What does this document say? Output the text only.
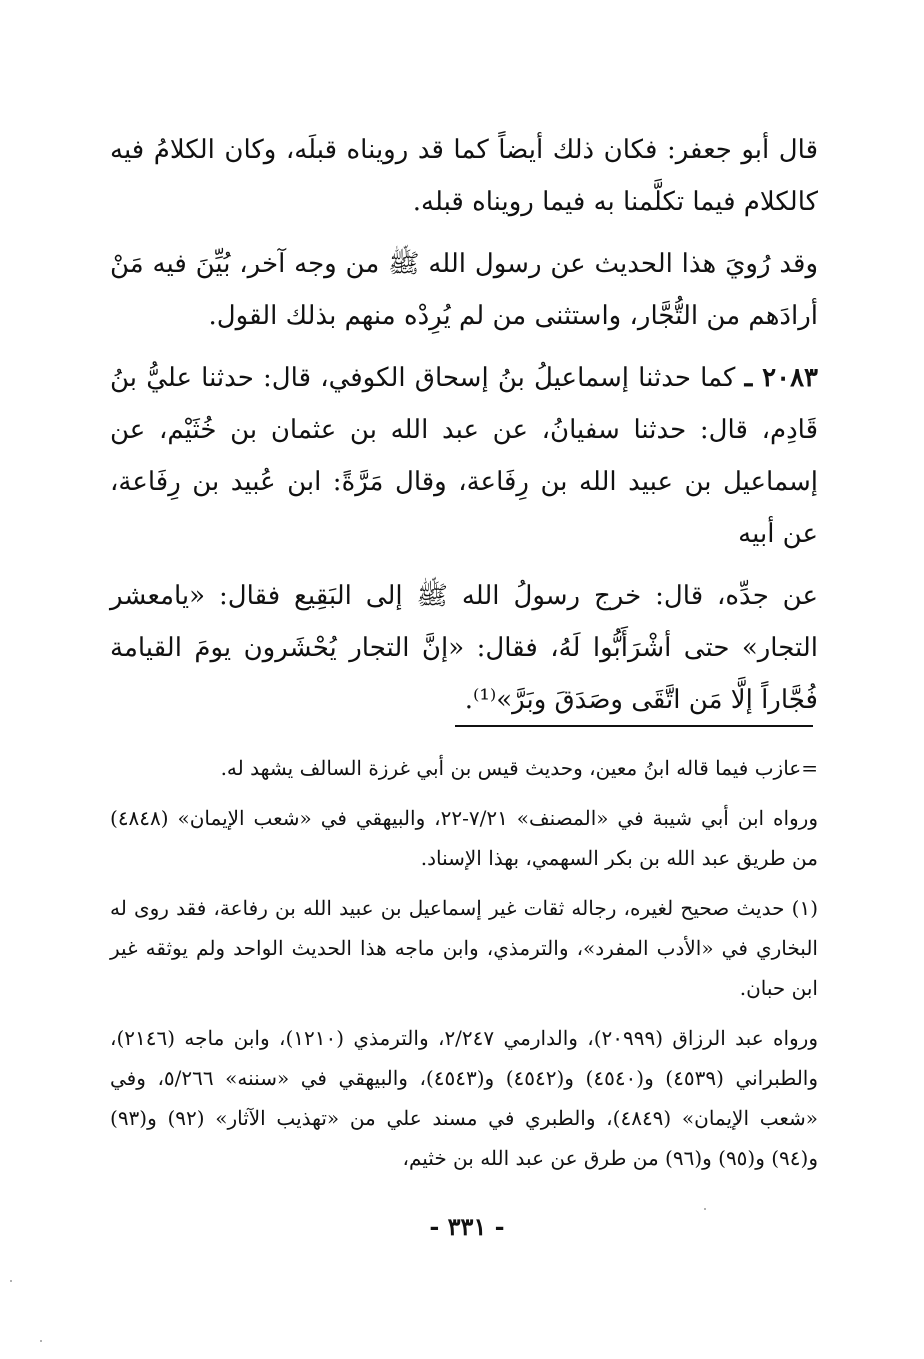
قال أبو جعفر: فكان ذلك أيضاً كما قد رويناه قبلَه، وكان الكلامُ فيه كالكلام فيما تكلَّمنا به فيما رويناه قبله.

وقد رُويَ هذا الحديث عن رسول الله ﷺ من وجه آخر، بُيِّنَ فيه مَنْ أرادَهم من التُّجَّار، واستثنى من لم يُرِدْه منهم بذلك القول.

٢٠٨٣ ـ كما حدثنا إسماعيلُ بنُ إسحاق الكوفي، قال: حدثنا عليُّ بنُ قَادِم، قال: حدثنا سفيانُ، عن عبد الله بن عثمان بن خُثَيْم، عن إسماعيل بن عبيد الله بن رِفَاعة، وقال مَرَّةً: ابن عُبيد بن رِفَاعة، عن أبيه

عن جدِّه، قال: خرج رسولُ الله ﷺ إلى البَقِيع فقال: «يامعشر التجار» حتى أشْرَأَبُّوا لَهُ، فقال: «إنَّ التجار يُحْشَرون يومَ القيامة فُجَّاراً إلَّا مَن اتَّقَى وصَدَقَ وبَرَّ»⁽¹⁾.

=عازب فيما قاله ابنُ معين، وحديث قيس بن أبي غرزة السالف يشهد له.

ورواه ابن أبي شيبة في «المصنف» ٧/٢١-٢٢، والبيهقي في «شعب الإيمان» (٤٨٤٨) من طريق عبد الله بن بكر السهمي، بهذا الإسناد.

(١) حديث صحيح لغيره، رجاله ثقات غير إسماعيل بن عبيد الله بن رفاعة، فقد روى له البخاري في «الأدب المفرد»، والترمذي، وابن ماجه هذا الحديث الواحد ولم يوثقه غير ابن حبان.

ورواه عبد الرزاق (٢٠٩٩٩)، والدارمي ٢/٢٤٧، والترمذي (١٢١٠)، وابن ماجه (٢١٤٦)، والطبراني (٤٥٣٩) و(٤٥٤٠) و(٤٥٤٢) و(٤٥٤٣)، والبيهقي في «سننه» ٥/٢٦٦، وفي «شعب الإيمان» (٤٨٤٩)، والطبري في مسند علي من «تهذيب الآثار» (٩٢) و(٩٣) و(٩٤) و(٩٥) و(٩٦) من طرق عن عبد الله بن خثيم،

- ٣٣١ -
